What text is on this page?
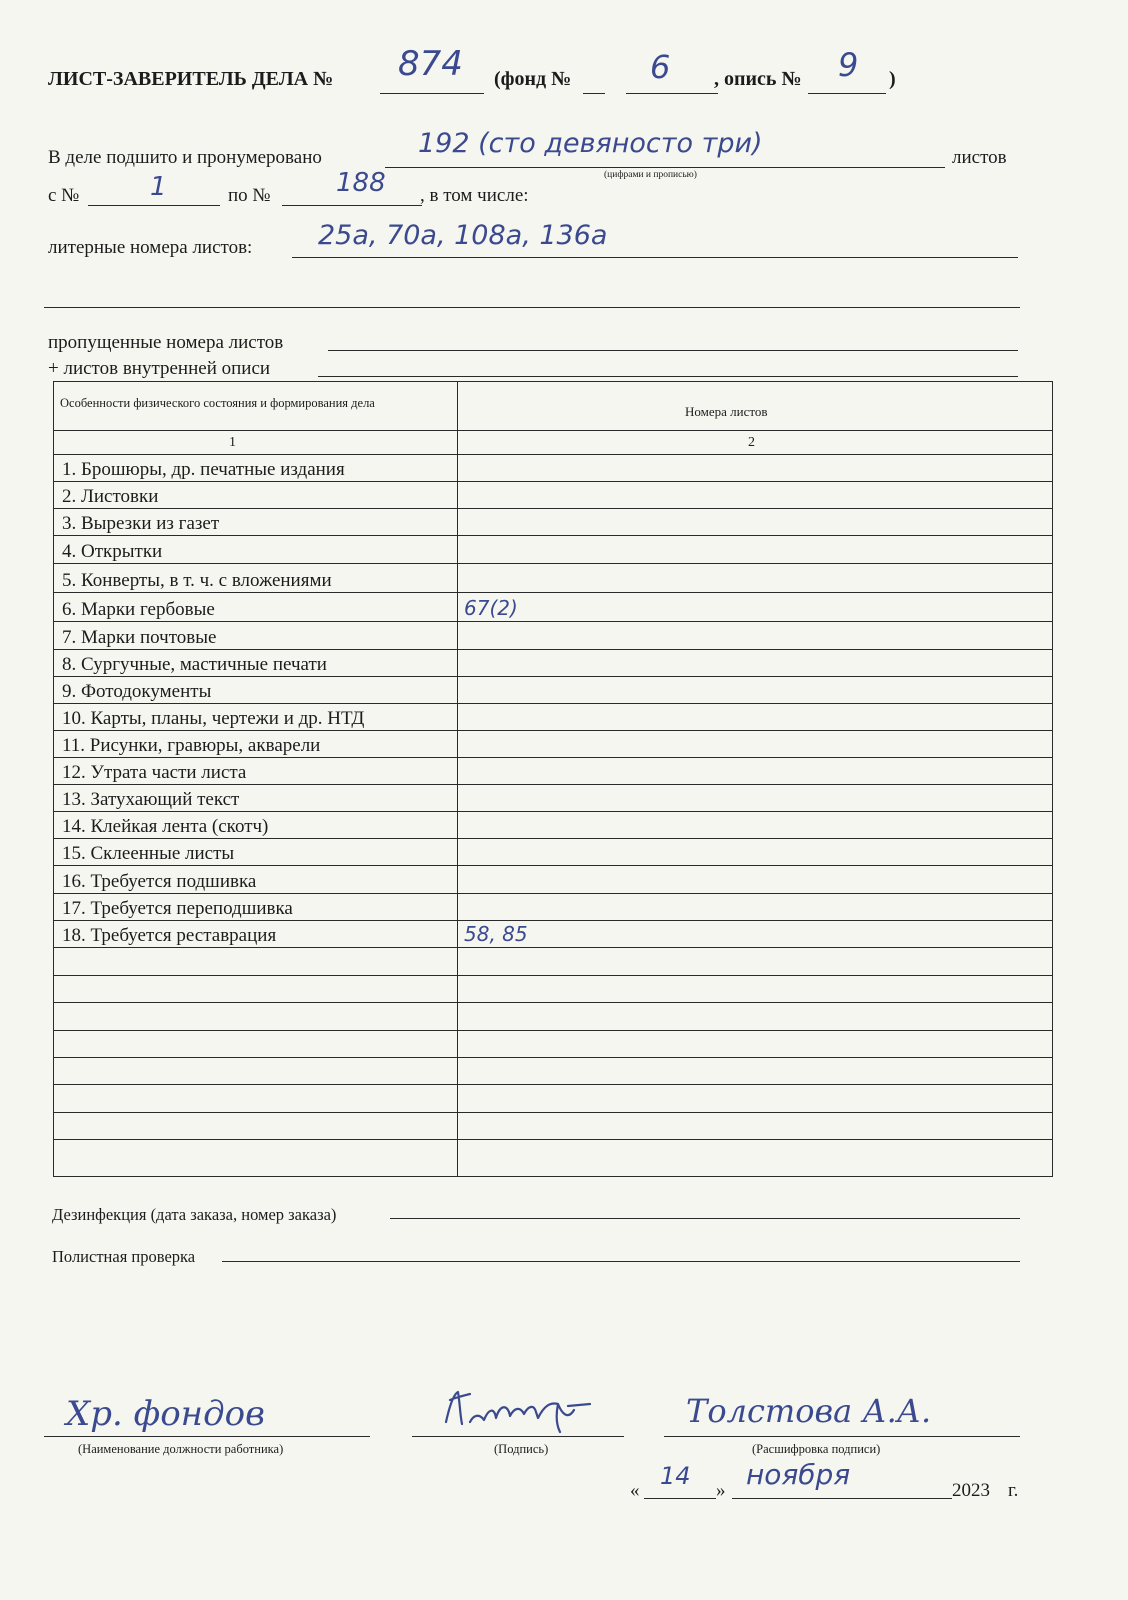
ЛИСТ-ЗАВЕРИТЕЛЬ ДЕЛА № 874 (фонд № 6 , опись № 9 )
В деле подшито и пронумеровано	192 (сто девяносто три)	листов
(цифрами и прописью)
с №	1	по №	188 , в том числе:
литерные номера листов: 25а, 70а, 108а, 136а
пропущенные номера листов
+ листов внутренней описи
Особенности физического состояния и формирования дела
Номера листов
1	2
1. Брошюры, др. печатные издания
2. Листовки
3. Вырезки из газет
4. Открытки
5. Конверты, в т. ч. с вложениями
6. Марки гербовые	67(2)
7. Марки почтовые
8. Сургучные, мастичные печати
9. Фотодокументы
10. Карты, планы, чертежи и др. НТД
11. Рисунки, гравюры, акварели
12. Утрата части листа
13. Затухающий текст
14. Клейкая лента (скотч)
15. Склеенные листы
16. Требуется подшивка
17. Требуется переподшивка
18. Требуется реставрация	58, 85
Дезинфекция (дата заказа, номер заказа)
Полистная проверка
Хр. фондов
(Наименование должности работника)	(Подпись)
Толстова А.А.
(Расшифровка подписи)
«
14
» ноября	2023 г.
